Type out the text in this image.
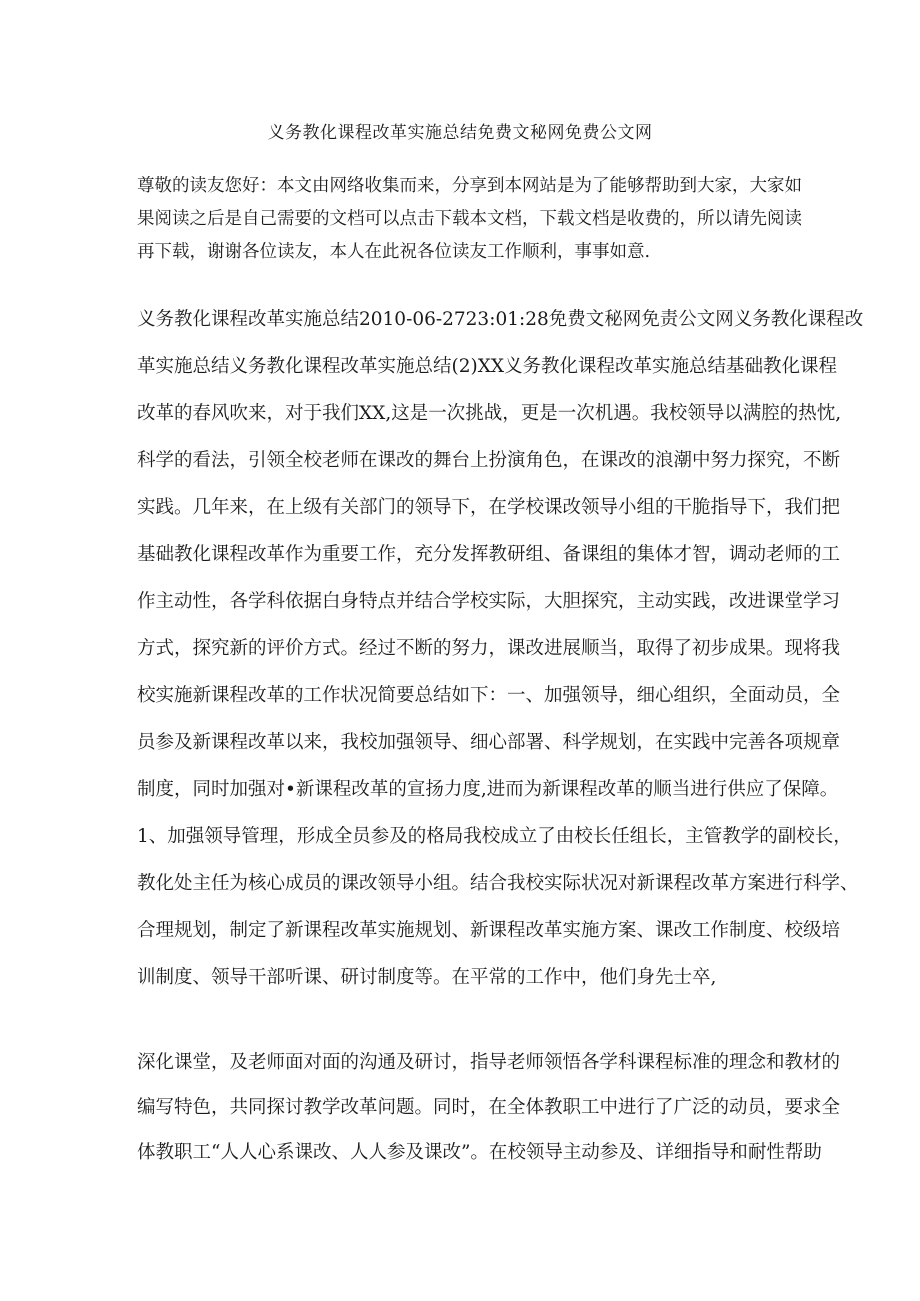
义务教化课程改革实施总结免费文秘网免费公文网
尊敬的读友您好：本文由网络收集而来，分享到本网站是为了能够帮助到大家，大家如
果阅读之后是自己需要的文档可以点击下载本文档，下载文档是收费的，所以请先阅读
再下载，谢谢各位读友，本人在此祝各位读友工作顺利，事事如意.
义务教化课程改革实施总结2010-06-2723:01:28免费文秘网免责公文网义务教化课程改
革实施总结义务教化课程改革实施总结(2)XX义务教化课程改革实施总结基础教化课程
改革的春风吹来，对于我们XX,这是一次挑战，更是一次机遇。我校领导以满腔的热忱,
科学的看法，引领全校老师在课改的舞台上扮演角色，在课改的浪潮中努力探究，不断
实践。几年来，在上级有关部门的领导下，在学校课改领导小组的干脆指导下，我们把
基础教化课程改革作为重要工作，充分发挥教研组、备课组的集体才智，调动老师的工
作主动性，各学科依据白身特点并结合学校实际，大胆探究，主动实践，改进课堂学习
方式，探究新的评价方式。经过不断的努力，课改进展顺当，取得了初步成果。现将我
校实施新课程改革的工作状况简要总结如下：一、加强领导，细心组织，全面动员，全
员参及新课程改革以来，我校加强领导、细心部署、科学规划，在实践中完善各项规章
制度，同时加强对•新课程改革的宣扬力度,进而为新课程改革的顺当进行供应了保障。
1、加强领导管理，形成全员参及的格局我校成立了由校长任组长，主管教学的副校长，
教化处主任为核心成员的课改领导小组。结合我校实际状况对新课程改革方案进行科学、
合理规划，制定了新课程改革实施规划、新课程改革实施方案、课改工作制度、校级培
训制度、领导干部听课、研讨制度等。在平常的工作中，他们身先士卒,
深化课堂，及老师面对面的沟通及研讨，指导老师领悟各学科课程标准的理念和教材的
编写特色，共同探讨教学改革问题。同时，在全体教职工中进行了广泛的动员，要求全
体教职工“人人心系课改、人人参及课改”。在校领导主动参及、详细指导和耐性帮助
